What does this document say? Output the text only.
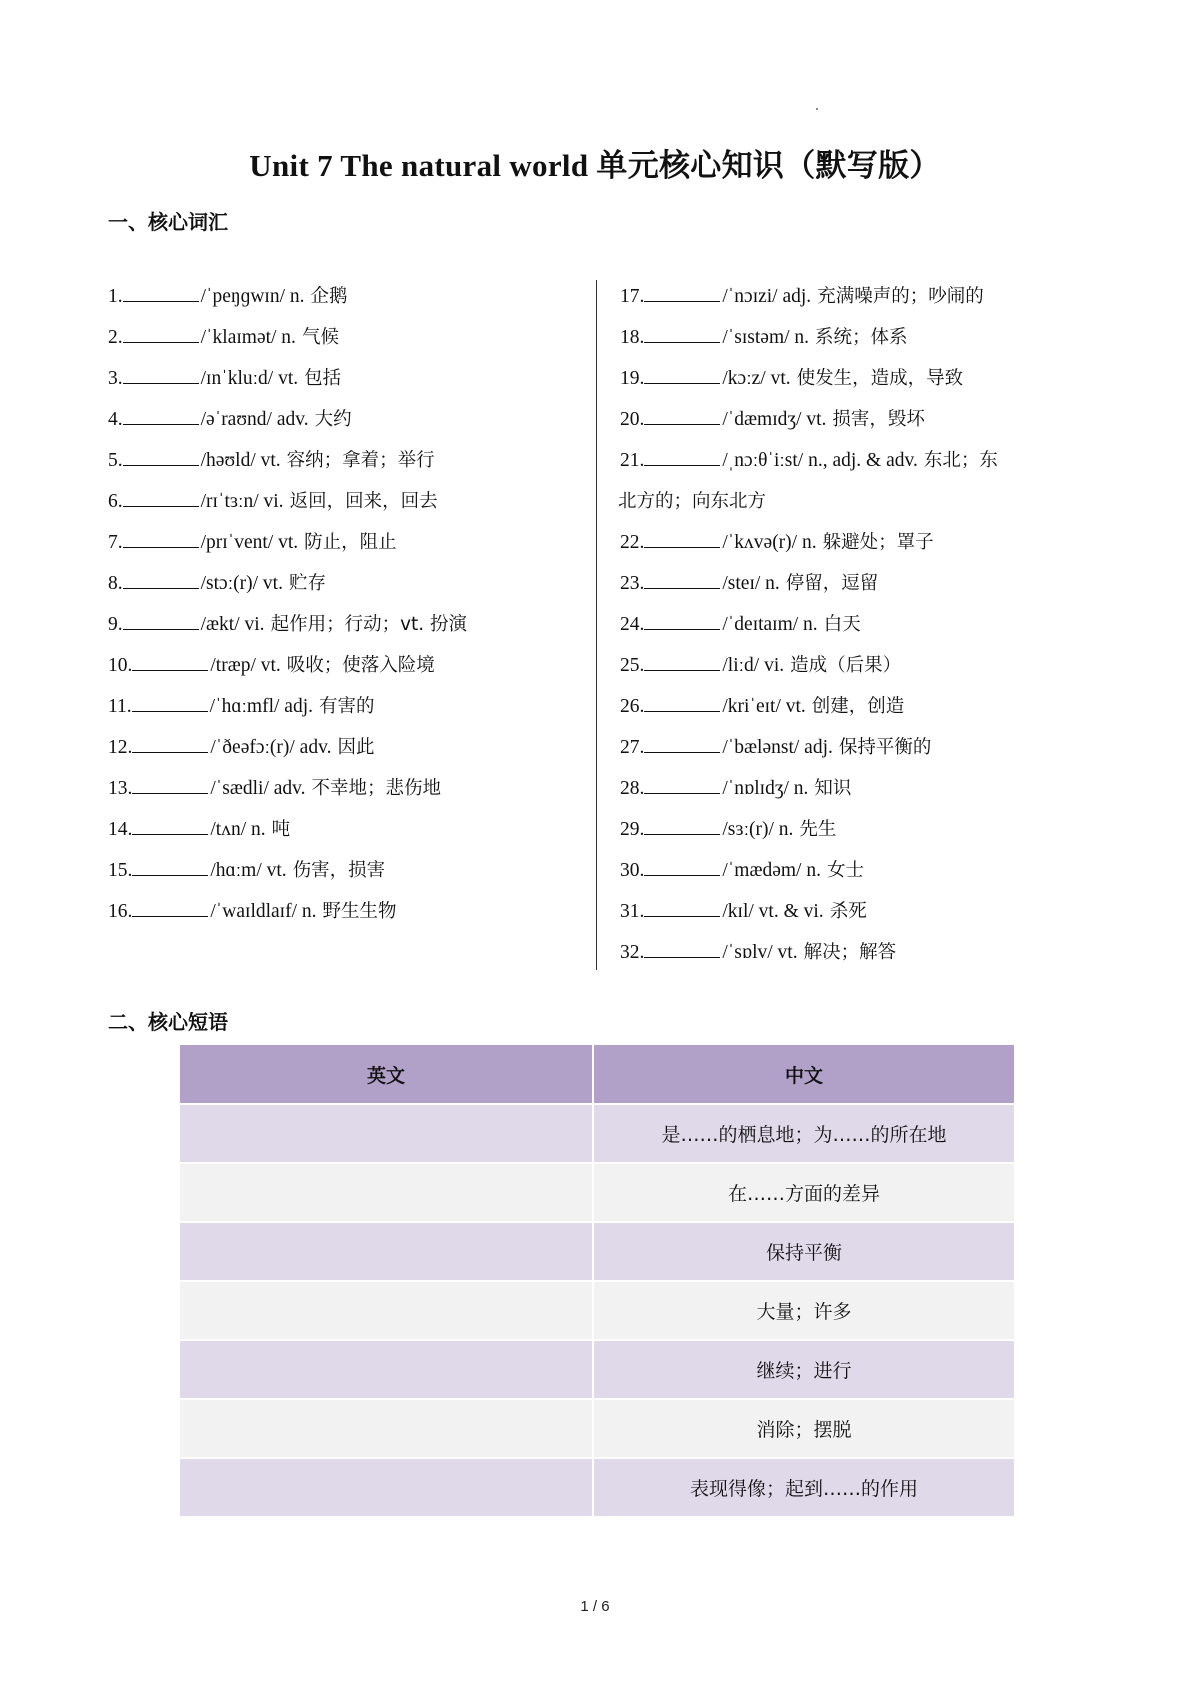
Unit 7 The natural world 单元核心知识（默写版）
一、核心词汇
1.	/ˈpeŋɡwɪn/ n. 企鹅
2.	/ˈklaɪmət/ n. 气候
3.	/ɪnˈkluːd/ vt. 包括
4.	/əˈraʊnd/ adv. 大约
5.	/həʊld/ vt. 容纳；拿着；举行
6.	/rɪˈtɜːn/ vi. 返回，回来，回去
7.	/prɪˈvent/ vt. 防止，阻止
8.	/stɔː(r)/ vt. 贮存
9.	/ækt/ vi. 起作用；行动；vt. 扮演
10.	/træp/ vt. 吸收；使落入险境
11.	/ˈhɑːmfl/ adj. 有害的
12.	/ˈðeəfɔː(r)/ adv. 因此
13.	/ˈsædli/ adv. 不幸地；悲伤地
14.	/tʌn/ n. 吨
15.	/hɑːm/ vt. 伤害，损害
16.	/ˈwaɪldlaɪf/ n. 野生生物
17.	/ˈnɔɪzi/ adj. 充满噪声的；吵闹的
18.	/ˈsɪstəm/ n. 系统；体系
19.	/kɔːz/ vt. 使发生，造成，导致
20.	/ˈdæmɪdʒ/ vt. 损害，毁坏
21.	/ˌnɔːθˈiːst/ n., adj. & adv. 东北；东
北方的；向东北方
22.	/ˈkʌvə(r)/ n. 躲避处；罩子
23.	/steɪ/ n. 停留，逗留
24.	/ˈdeɪtaɪm/ n. 白天
25.	/liːd/ vi. 造成（后果）
26.	/kriˈeɪt/ vt. 创建，创造
27.	/ˈbælənst/ adj. 保持平衡的
28.	/ˈnɒlɪdʒ/ n. 知识
29.	/sɜː(r)/ n. 先生
30.	/ˈmædəm/ n. 女士
31.	/kɪl/ vt. & vi. 杀死
32.	/ˈsɒlv/ vt. 解决；解答
二、核心短语
英文	中文
	是……的栖息地；为……的所在地
	在……方面的差异
	保持平衡
	大量；许多
	继续；进行
	消除；摆脱
	表现得像；起到……的作用
1 / 6
